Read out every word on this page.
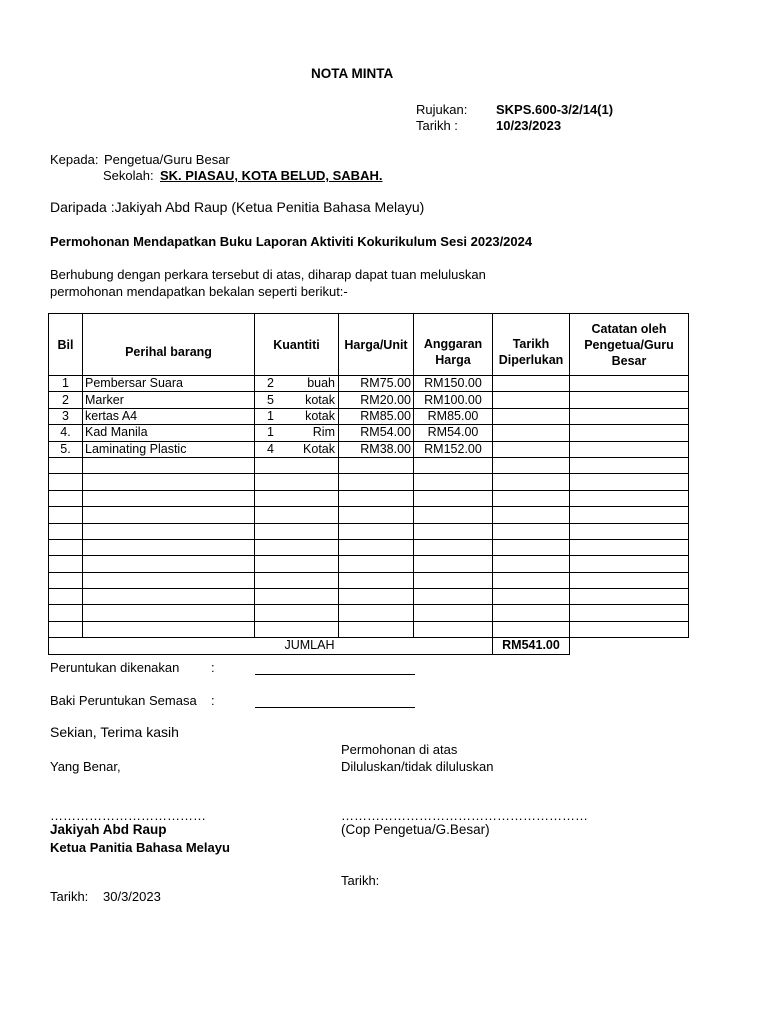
NOTA MINTA
Rujukan: SKPS.600-3/2/14(1)
Tarikh :	10/23/2023
Kepada: Pengetua/Guru Besar
Sekolah: SK. PIASAU, KOTA BELUD, SABAH.
Daripada :Jakiyah Abd Raup (Ketua Penitia Bahasa Melayu)
Permohonan Mendapatkan Buku Laporan Aktiviti Kokurikulum Sesi 2023/2024
Berhubung dengan perkara tersebut di atas, diharap dapat tuan meluluskan
permohonan mendapatkan bekalan seperti berikut:-
Bil	Perihal barang	Kuantiti	Harga/Unit	Anggaran Harga	Tarikh Diperlukan	Catatan oleh Pengetua/Guru Besar
1	Pembersar Suara	2 buah	RM75.00	RM150.00		
2	Marker	5 kotak	RM20.00	RM100.00		
3	kertas A4	1 kotak	RM85.00	RM85.00		
4.	Kad Manila	1 Rim	RM54.00	RM54.00		
5.	Laminating Plastic	4 Kotak	RM38.00	RM152.00		

JUMLAH					RM541.00	
Peruntukan dikenakan :
Baki Peruntukan Semasa :
Sekian, Terima kasih
Permohonan di atas
Yang Benar,	Diluluskan/tidak diluluskan
………………………………	…………………………………………………
Jakiyah Abd Raup	(Cop Pengetua/G.Besar)
Ketua Panitia Bahasa Melayu
Tarikh:
Tarikh: 30/3/2023
